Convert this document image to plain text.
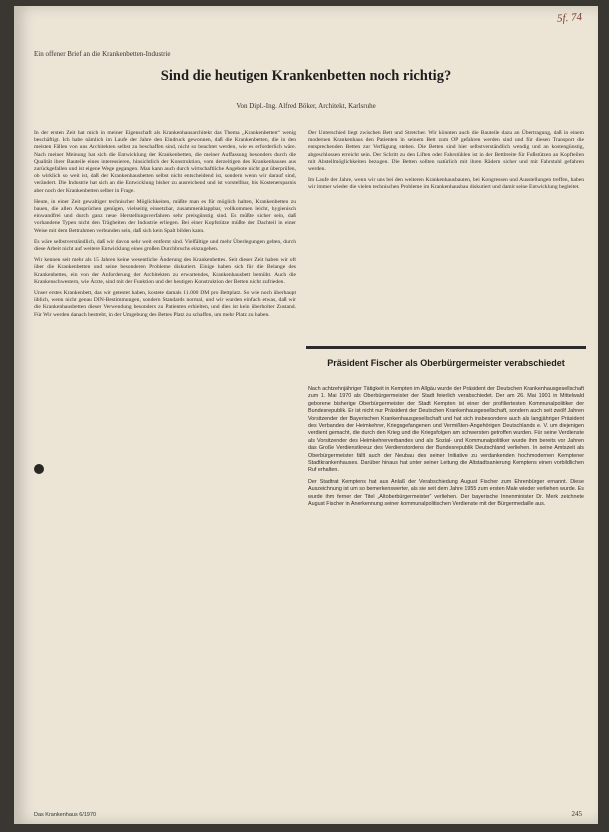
5f. 74
Ein offener Brief an die Krankenbetten-Industrie
Sind die heutigen Krankenbetten noch richtig?
Von Dipl.-Ing. Alfred Böker, Architekt, Karlsruhe

In der ersten Zeit hat mich in meiner Eigenschaft als Krankenhausarchitekt das Thema „Krankenbetten“ wenig beschäftigt. Ich habe nämlich im Laufe der Jahre den Eindruck gewonnen, daß die Krankenbetten, die in den meisten Fällen von uns Architekten selbst zu beschaffen sind, nicht so beachtet werden, wie es erforderlich wäre. Nach meiner Meinung hat sich die Entwicklung der Krankenbetten, die meiner Auffassung besonders durch die Qualität ihrer Bauteile eines interessieren, hinsichtlich der Konstruktion, vom derzeitigen des Krankenhauses aus zurückgefallen und ist eigene Wege gegangen. Man kann auch durch wirtschaftliche Angebote nicht gut überprüfen, ob wirklich so weit ist, daß der Krankenhausbetten selbst nicht entscheidend ist, sondern wenn wir darauf sind, verändert. Die Industrie hat sich an die Entwicklung bisher zu ausreichend und ist vorstellbar, bis Kostenersparnis aber noch der Krankenbetten selber in Frage.

Heute, in einer Zeit gewaltiger technischer Möglichkeiten, müßte man es für möglich halten, Krankenbetten zu bauen, die allen Ansprüchen genügen, vielseitig einsetzbar, zusammenklappbar, vollkommen leicht, hygienisch einwandfrei und durch ganz neue Herstellungsverfahren sehr preisgünstig sind. Es müßte sicher sein, daß vorhandene Typen nicht den Trägheiten der Industrie erliegen. Bei einer Kopfstütze müßte der Dachteil in einer Weise mit dem Bettrahmen verbunden sein, daß sich kein Spalt bilden kann.

Es wäre selbstverständlich, daß wir davon sehr weit entfernt sind. Vielfältige und mehr Überlegungen gelten, durch diese Arbeit nicht auf weitere Entwicklung eines großen Durchbruchs einzugehen.

Wir kennen seit mehr als 15 Jahren keine wesentliche Änderung des Krankenbettes. Seit dieser Zeit haben wir oft über die Krankenbetten und seine besonderen Probleme diskutiert. Einige haben sich für die Belange des Krankenbettes, ein von der Anforderung der Architekten zu erwartendes, Krankenhausbett bemüht. Auch die Krankenschwestern, wie Ärzte, sind mit der Funktion und der heutigen Konstruktion der Betten nicht zufrieden.

Unser erstes Krankenbett, das wir getestet haben, kostete damals 11.000 DM pro Bettplatz. So wie noch überhaupt üblich, wenn nicht genau DIN-Bestimmungen, sondern Standards normal, und wir wurden einfach etwas, daß wir die Krankenhausbetten dieser Verwendung besonders zu Patienten erhielten, und dies ist kein überholter Zustand. Für Wir werden danach bestrebt, in der Umgebung des Bettes Platz zu schaffen, um mehr Platz zu haben.

Der Unterschied liegt zwischen Bett und Stretcher. Wir könnten auch die Bauteile dazu an Übertragung, daß in einem modernen Krankenhaus den Patienten in seinem Bett zum OP gefahren werden sind und für diesen Transport die entsprechenden Betten zur Verfügung stehen. Die Betten sind hier selbstverständlich wendig und an kostengünstig, abgeschlossen erreicht sein. Der Schritt zu den Liften oder Fahrstühlen ist in der Bettbreite für Fußstützen an Kopfteilen mit Abstellmöglichkeiten bezogen. Die Betten sollten natürlich mit ihren Rädern sicher und mit Fahrstuhl gefahren werden.

Im Laufe der Jahre, wenn wir uns bei den weiteren Krankenhausbauten, bei Kongressen und Ausstellungen treffen, haben wir immer wieder die vielen technischen Probleme im Krankenhausbau diskutiert und damit seine Entwicklung begleitet.

Präsident Fischer als Oberbürgermeister verabschiedet

Nach achtzehnjähriger Tätigkeit in Kempten im Allgäu wurde der Präsident der Deutschen Krankenhausgesellschaft zum 1. Mai 1970 als Oberbürgermeister der Stadt feierlich verabschiedet. Der am 26. Mai 1901 in Mittelwald geborene bisherige Oberbürgermeister der Stadt Kempten ist einer der profiliertesten Kommunalpolitiker der Bundesrepublik. Er ist nicht nur Präsident der Deutschen Krankenhausgesellschaft, sondern auch seit zwölf Jahren Vorsitzender der Bayerischen Krankenhausgesellschaft und hat sich insbesondere auch als langjähriger Präsident des Verbandes der Heimkehrer, Kriegsgefangenen und Vermißten-Angehörigen Deutschlands e. V. um diejenigen verdient gemacht, die durch den Krieg und die Kriegsfolgen am schwersten getroffen wurden. Für seine Verdienste als Vorsitzender des Heimkehrerverbandes und als Sozial- und Kommunalpolitiker wurde ihm bereits vor Jahren das Große Verdienstkreuz des Verdienstordens der Bundesrepublik Deutschland verliehen. In seine Amtszeit als Oberbürgermeister fällt auch der Neubau des seiner Initiative zu verdankenden hochmodernen Kemptener Stadtkrankenhauses. Darüber hinaus hat unter seiner Leitung die Altstadtsanierung Kemptens einen vorbildlichen Ruf erhalten.

Der Stadtrat Kemptens hat aus Anlaß der Verabschiedung August Fischer zum Ehrenbürger ernannt. Diese Auszeichnung ist um so bemerkenswerter, als sie seit dem Jahre 1955 zum ersten Male wieder verliehen wurde. Es wurde ihm ferner der Titel „Altoberbürgermeister“ verliehen. Der bayerische Innenminister Dr. Merk zeichnete August Fischer in Anerkennung seiner kommunalpolitischen Verdienste mit der Bürgermedaille aus.

Das Krankenhaus 6/1970	245
